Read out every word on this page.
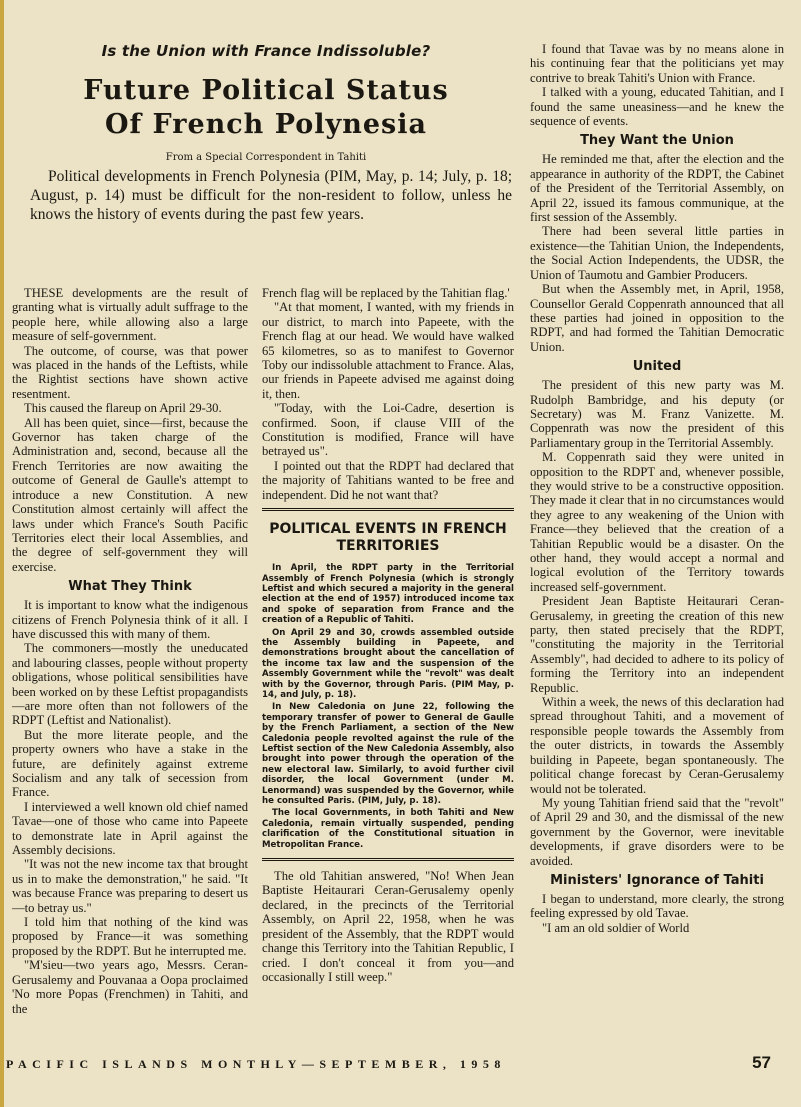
Is the Union with France Indissoluble?
Future Political Status
Of French Polynesia
From a Special Correspondent in Tahiti

Political developments in French Polynesia (PIM, May, p. 14; July, p. 18; August, p. 14) must be difficult for the non-resident to follow, unless he knows the history of events during the past few years.

THESE developments are the result of granting what is virtually adult suffrage to the people here, while allowing also a large measure of self-government.

The outcome, of course, was that power was placed in the hands of the Leftists, while the Rightist sections have shown active resentment.

This caused the flareup on April 29-30.

All has been quiet, since—first, because the Governor has taken charge of the Administration and, second, because all the French Territories are now awaiting the outcome of General de Gaulle's attempt to introduce a new Constitution. A new Constitution almost certainly will affect the laws under which France's South Pacific Territories elect their local Assemblies, and the degree of self-government they will exercise.

What They Think

It is important to know what the indigenous citizens of French Polynesia think of it all. I have discussed this with many of them.

The commoners—mostly the uneducated and labouring classes, people without property obligations, whose political sensibilities have been worked on by these Leftist propagandists—are more often than not followers of the RDPT (Leftist and Nationalist).

But the more literate people, and the property owners who have a stake in the future, are definitely against extreme Socialism and any talk of secession from France.

I interviewed a well known old chief named Tavae—one of those who came into Papeete to demonstrate late in April against the Assembly decisions.

"It was not the new income tax that brought us in to make the demonstration," he said. "It was because France was preparing to desert us—to betray us."

I told him that nothing of the kind was proposed by France—it was something proposed by the RDPT. But he interrupted me.

"M'sieu—two years ago, Messrs. Ceran-Gerusalemy and Pouvanaa a Oopa proclaimed 'No more Popas (Frenchmen) in Tahiti, and the

French flag will be replaced by the Tahitian flag.'

"At that moment, I wanted, with my friends in our district, to march into Papeete, with the French flag at our head. We would have walked 65 kilometres, so as to manifest to Governor Toby our indissoluble attachment to France. Alas, our friends in Papeete advised me against doing it, then.

"Today, with the Loi-Cadre, desertion is confirmed. Soon, if clause VIII of the Constitution is modified, France will have betrayed us".

I pointed out that the RDPT had declared that the majority of Tahitians wanted to be free and independent. Did he not want that?

POLITICAL EVENTS IN FRENCH TERRITORIES

In April, the RDPT party in the Territorial Assembly of French Polynesia (which is strongly Leftist and which secured a majority in the general election at the end of 1957) introduced income tax and spoke of separation from France and the creation of a Republic of Tahiti.

On April 29 and 30, crowds assembled outside the Assembly building in Papeete, and demonstrations brought about the cancellation of the income tax law and the suspension of the Assembly Government while the "revolt" was dealt with by the Governor, through Paris. (PIM May, p. 14, and July, p. 18).

In New Caledonia on June 22, following the temporary transfer of power to General de Gaulle by the French Parliament, a section of the New Caledonia people revolted against the rule of the Leftist section of the New Caledonia Assembly, also brought into power through the operation of the new electoral law. Similarly, to avoid further civil disorder, the local Government (under M. Lenormand) was suspended by the Governor, while he consulted Paris. (PIM, July, p. 18).

The local Governments, in both Tahiti and New Caledonia, remain virtually suspended, pending clarification of the Constitutional situation in Metropolitan France.

The old Tahitian answered, "No! When Jean Baptiste Heitaurari Ceran-Gerusalemy openly declared, in the precincts of the Territorial Assembly, on April 22, 1958, when he was president of the Assembly, that the RDPT would change this Territory into the Tahitian Republic, I cried. I don't conceal it from you—and occasionally I still weep."

I found that Tavae was by no means alone in his continuing fear that the politicians yet may contrive to break Tahiti's Union with France.

I talked with a young, educated Tahitian, and I found the same uneasiness—and he knew the sequence of events.

They Want the Union

He reminded me that, after the election and the appearance in authority of the RDPT, the Cabinet of the President of the Territorial Assembly, on April 22, issued its famous communique, at the first session of the Assembly.

There had been several little parties in existence—the Tahitian Union, the Independents, the Social Action Independents, the UDSR, the Union of Taumotu and Gambier Producers.

But when the Assembly met, in April, 1958, Counsellor Gerald Coppenrath announced that all these parties had joined in opposition to the RDPT, and had formed the Tahitian Democratic Union.

United

The president of this new party was M. Rudolph Bambridge, and his deputy (or Secretary) was M. Franz Vanizette. M. Coppenrath was now the president of this Parliamentary group in the Territorial Assembly.

M. Coppenrath said they were united in opposition to the RDPT and, whenever possible, they would strive to be a constructive opposition. They made it clear that in no circumstances would they agree to any weakening of the Union with France—they believed that the creation of a Tahitian Republic would be a disaster. On the other hand, they would accept a normal and logical evolution of the Territory towards increased self-government.

President Jean Baptiste Heitaurari Ceran-Gerusalemy, in greeting the creation of this new party, then stated precisely that the RDPT, "constituting the majority in the Territorial Assembly", had decided to adhere to its policy of forming the Territory into an independent Republic.

Within a week, the news of this declaration had spread throughout Tahiti, and a movement of responsible people towards the Assembly from the outer districts, in towards the Assembly building in Papeete, began spontaneously. The political change forecast by Ceran-Gerusalemy would not be tolerated.

My young Tahitian friend said that the "revolt" of April 29 and 30, and the dismissal of the new government by the Governor, were inevitable developments, if grave disorders were to be avoided.

Ministers' Ignorance of Tahiti

I began to understand, more clearly, the strong feeling expressed by old Tavae.

"I am an old soldier of World

PACIFIC ISLANDS MONTHLY—SEPTEMBER, 1958	57
